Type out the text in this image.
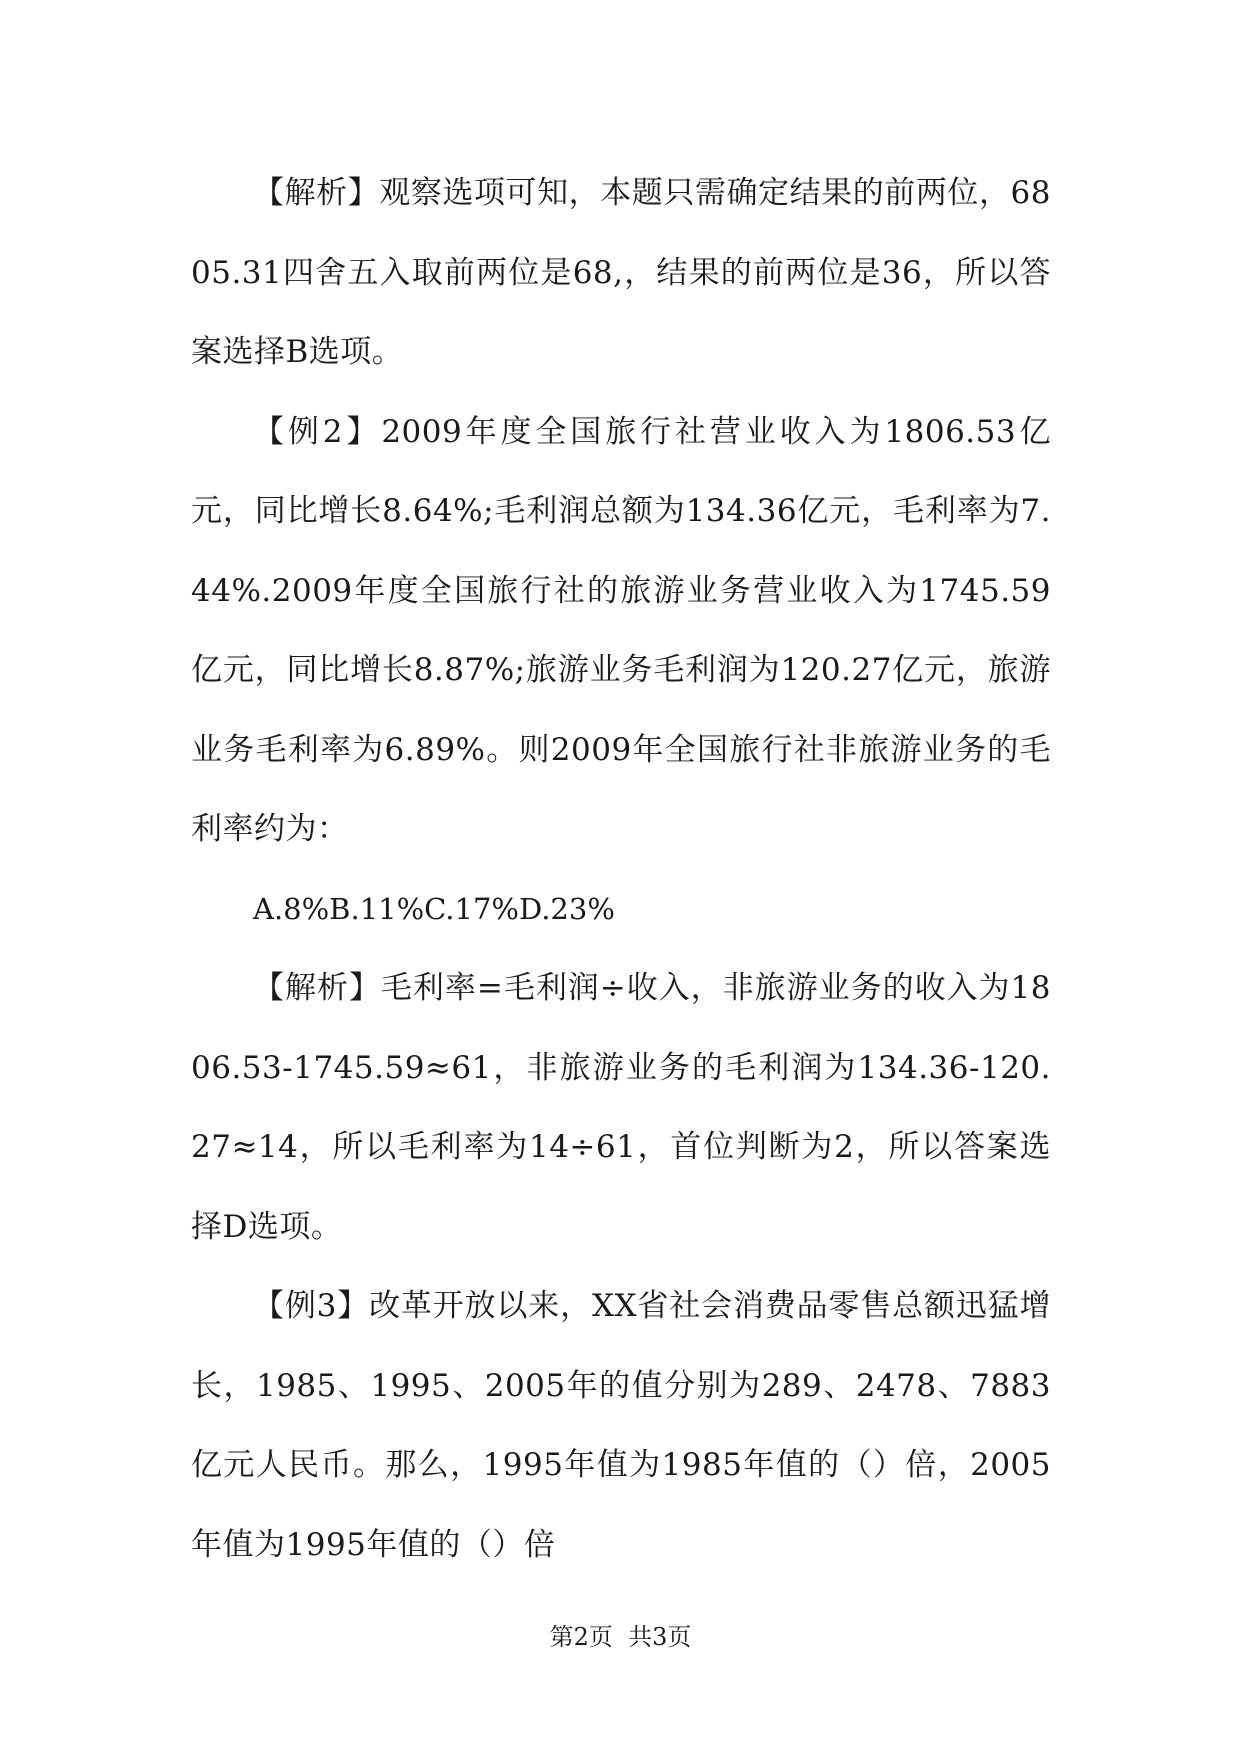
【解析】观察选项可知，本题只需确定结果的前两位，6805.31四舍五入取前两位是68,，结果的前两位是36，所以答案选择B选项。

【例2】2009年度全国旅行社营业收入为1806.53亿元，同比增长8.64%;毛利润总额为134.36亿元，毛利率为7.44%.2009年度全国旅行社的旅游业务营业收入为1745.59亿元，同比增长8.87%;旅游业务毛利润为120.27亿元，旅游业务毛利率为6.89%。则2009年全国旅行社非旅游业务的毛利率约为：

A.8%B.11%C.17%D.23%

【解析】毛利率=毛利润÷收入，非旅游业务的收入为1806.53-1745.59≈61，非旅游业务的毛利润为134.36-120.27≈14，所以毛利率为14÷61，首位判断为2，所以答案选择D选项。

【例3】改革开放以来，XX省社会消费品零售总额迅猛增长，1985、1995、2005年的值分别为289、2478、7883亿元人民币。那么，1995年值为1985年值的（）倍，2005年值为1995年值的（）倍

第2页  共3页
